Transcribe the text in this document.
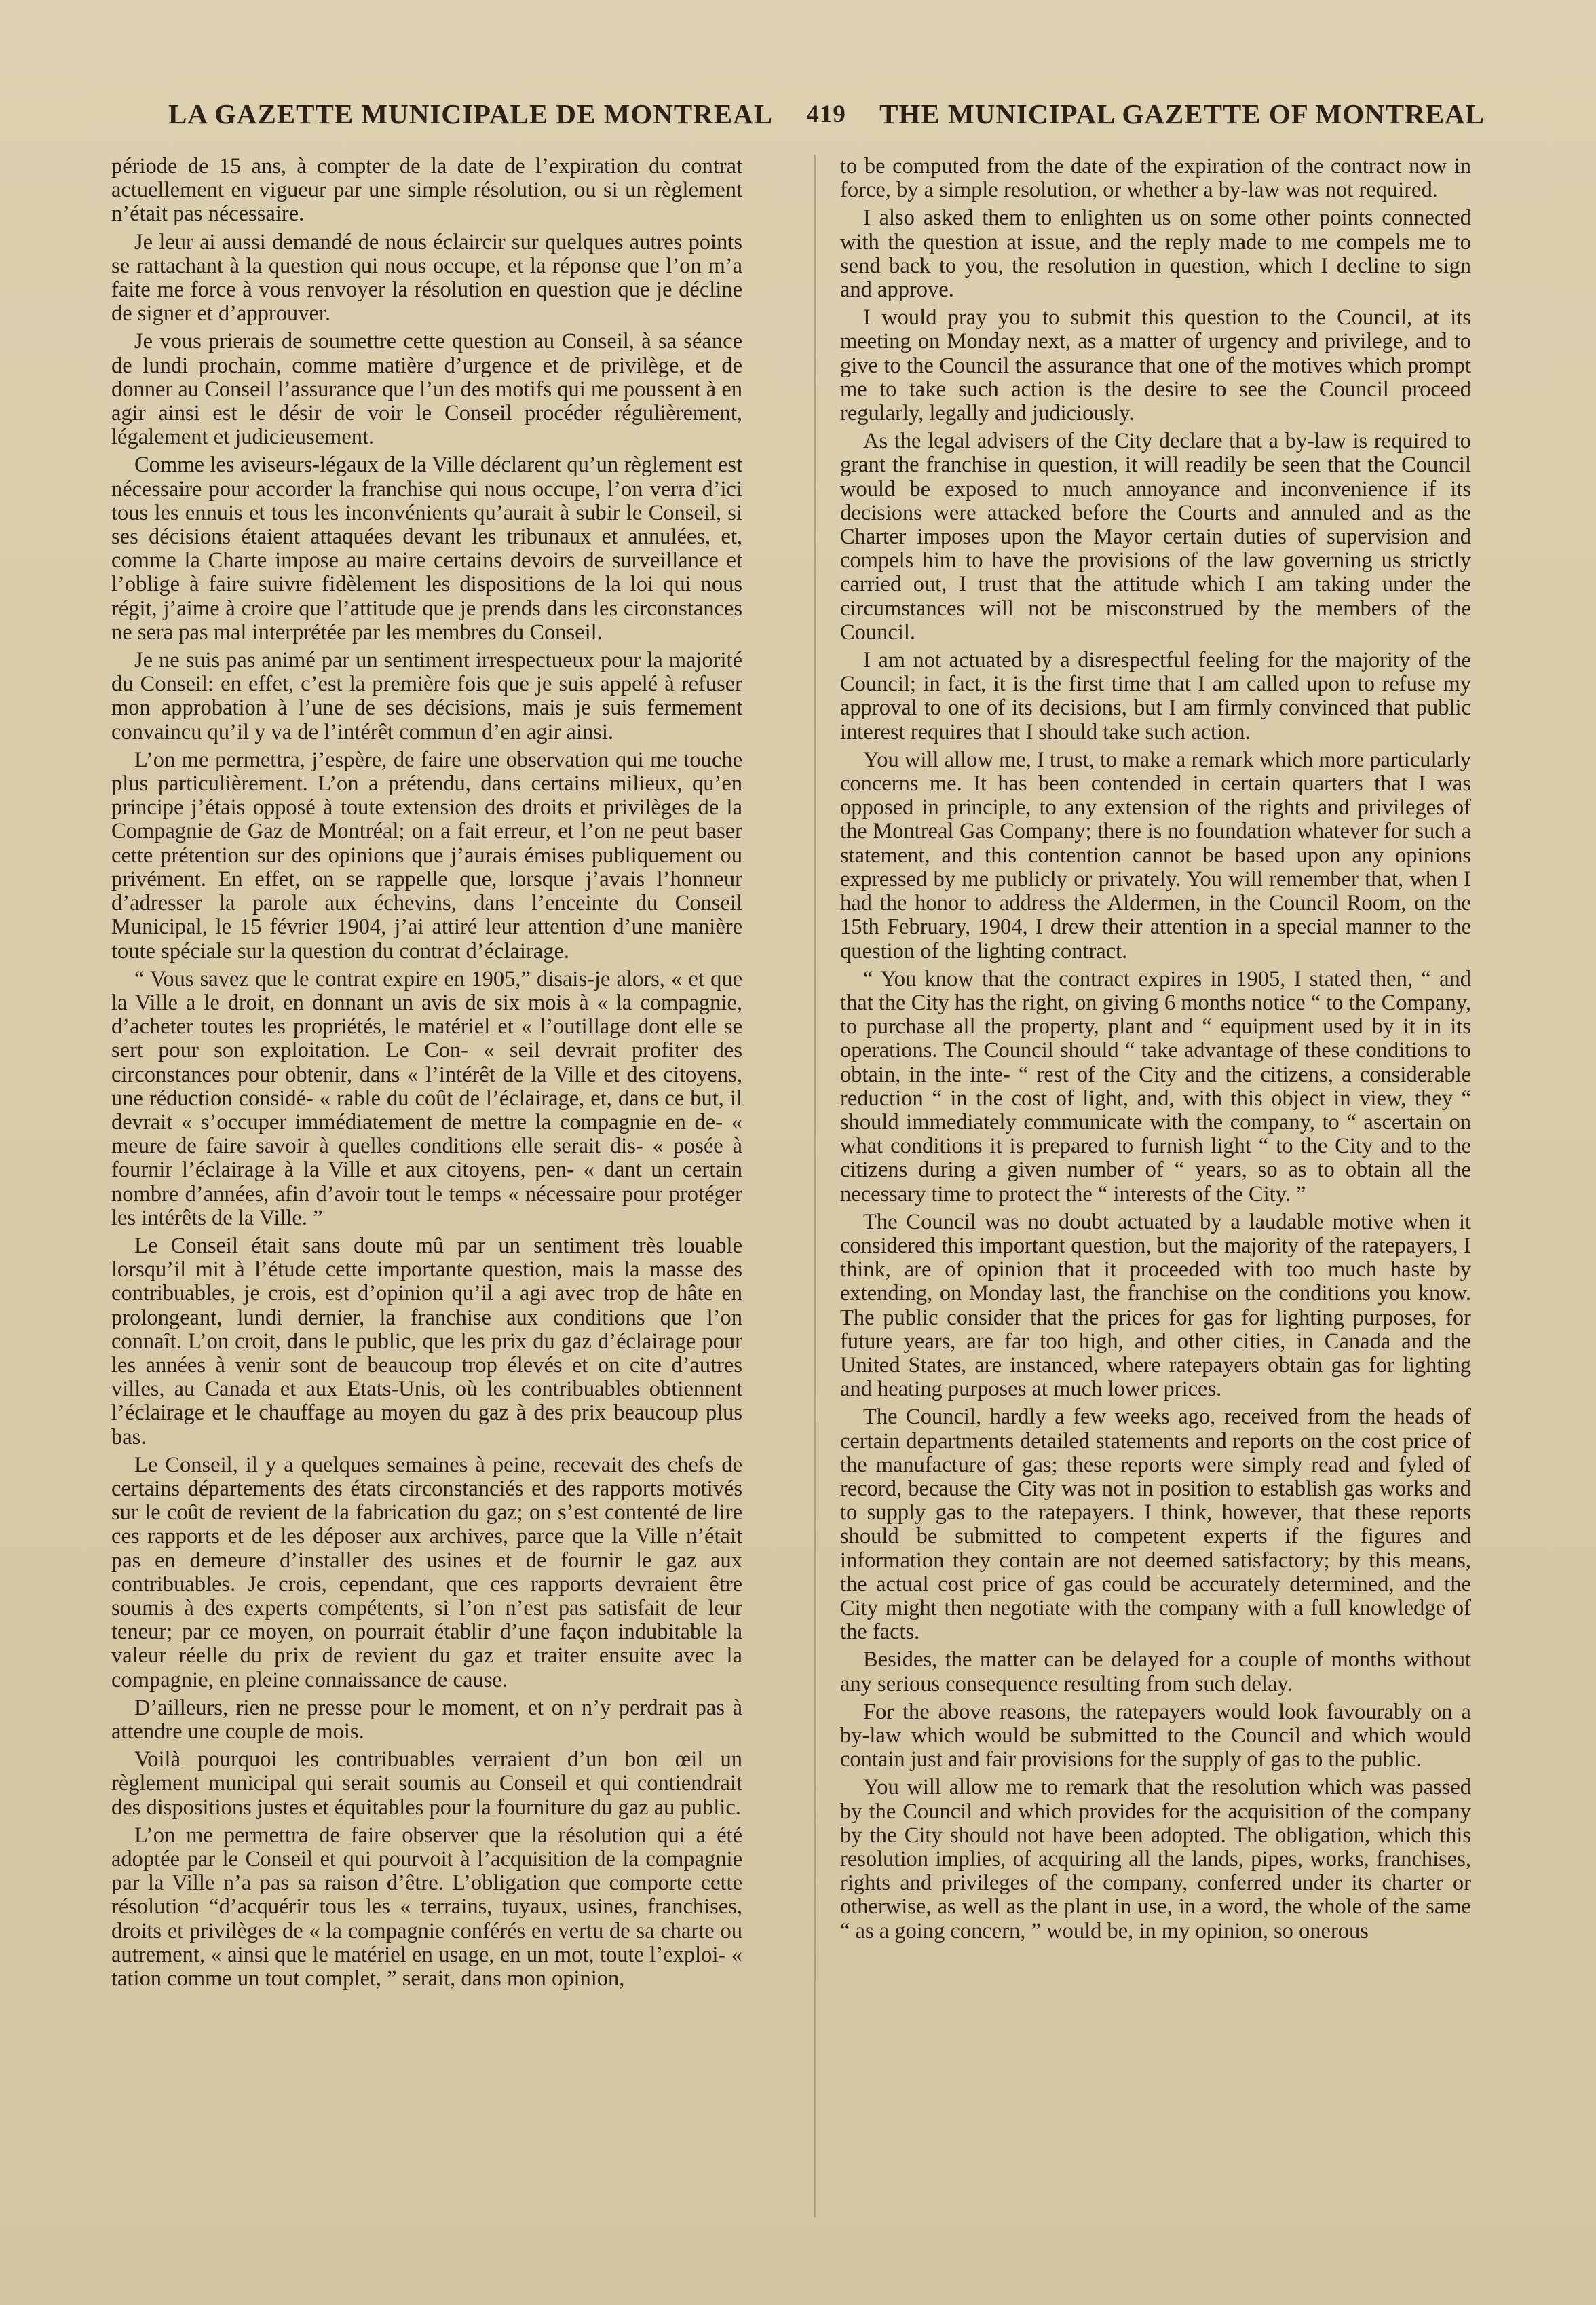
LA GAZETTE MUNICIPALE DE MONTREAL 419 THE MUNICIPAL GAZETTE OF MONTREAL

période de 15 ans, à compter de la date de l’expiration du contrat actuellement en vigueur par une simple résolution, ou si un règlement n’était pas nécessaire.

Je leur ai aussi demandé de nous éclaircir sur quelques autres points se rattachant à la question qui nous occupe, et la réponse que l’on m’a faite me force à vous renvoyer la résolution en question que je décline de signer et d’approuver.

Je vous prierais de soumettre cette question au Conseil, à sa séance de lundi prochain, comme matière d’urgence et de privilège, et de donner au Conseil l’assurance que l’un des motifs qui me poussent à en agir ainsi est le désir de voir le Conseil procéder régulièrement, légalement et judicieusement.

Comme les aviseurs-légaux de la Ville déclarent qu’un règlement est nécessaire pour accorder la franchise qui nous occupe, l’on verra d’ici tous les ennuis et tous les inconvénients qu’aurait à subir le Conseil, si ses décisions étaient attaquées devant les tribunaux et annulées, et, comme la Charte impose au maire certains devoirs de surveillance et l’oblige à faire suivre fidèlement les dispositions de la loi qui nous régit, j’aime à croire que l’attitude que je prends dans les circonstances ne sera pas mal interprétée par les membres du Conseil.

Je ne suis pas animé par un sentiment irrespectueux pour la majorité du Conseil: en effet, c’est la première fois que je suis appelé à refuser mon approbation à l’une de ses décisions, mais je suis fermement convaincu qu’il y va de l’intérêt commun d’en agir ainsi.

L’on me permettra, j’espère, de faire une observation qui me touche plus particulièrement. L’on a prétendu, dans certains milieux, qu’en principe j’étais opposé à toute extension des droits et privilèges de la Compagnie de Gaz de Montréal; on a fait erreur, et l’on ne peut baser cette prétention sur des opinions que j’aurais émises publiquement ou privément. En effet, on se rappelle que, lorsque j’avais l’honneur d’adresser la parole aux échevins, dans l’enceinte du Conseil Municipal, le 15 février 1904, j’ai attiré leur attention d’une manière toute spéciale sur la question du contrat d’éclairage.

“ Vous savez que le contrat expire en 1905,” disais-je alors, « et que la Ville a le droit, en donnant un avis de six mois à « la compagnie, d’acheter toutes les propriétés, le matériel et « l’outillage dont elle se sert pour son exploitation. Le Con- « seil devrait profiter des circonstances pour obtenir, dans « l’intérêt de la Ville et des citoyens, une réduction considé- « rable du coût de l’éclairage, et, dans ce but, il devrait « s’occuper immédiatement de mettre la compagnie en de- « meure de faire savoir à quelles conditions elle serait dis- « posée à fournir l’éclairage à la Ville et aux citoyens, pen- « dant un certain nombre d’années, afin d’avoir tout le temps « nécessaire pour protéger les intérêts de la Ville. ”

Le Conseil était sans doute mû par un sentiment très louable lorsqu’il mit à l’étude cette importante question, mais la masse des contribuables, je crois, est d’opinion qu’il a agi avec trop de hâte en prolongeant, lundi dernier, la franchise aux conditions que l’on connaît. L’on croit, dans le public, que les prix du gaz d’éclairage pour les années à venir sont de beaucoup trop élevés et on cite d’autres villes, au Canada et aux Etats-Unis, où les contribuables obtiennent l’éclairage et le chauffage au moyen du gaz à des prix beaucoup plus bas.

Le Conseil, il y a quelques semaines à peine, recevait des chefs de certains départements des états circonstanciés et des rapports motivés sur le coût de revient de la fabrication du gaz; on s’est contenté de lire ces rapports et de les déposer aux archives, parce que la Ville n’était pas en demeure d’installer des usines et de fournir le gaz aux contribuables. Je crois, cependant, que ces rapports devraient être soumis à des experts compétents, si l’on n’est pas satisfait de leur teneur; par ce moyen, on pourrait établir d’une façon indubitable la valeur réelle du prix de revient du gaz et traiter ensuite avec la compagnie, en pleine connaissance de cause.

D’ailleurs, rien ne presse pour le moment, et on n’y perdrait pas à attendre une couple de mois.

Voilà pourquoi les contribuables verraient d’un bon œil un règlement municipal qui serait soumis au Conseil et qui contiendrait des dispositions justes et équitables pour la fourniture du gaz au public.

L’on me permettra de faire observer que la résolution qui a été adoptée par le Conseil et qui pourvoit à l’acquisition de la compagnie par la Ville n’a pas sa raison d’être. L’obligation que comporte cette résolution “d’acquérir tous les « terrains, tuyaux, usines, franchises, droits et privilèges de « la compagnie conférés en vertu de sa charte ou autrement, « ainsi que le matériel en usage, en un mot, toute l’exploi- « tation comme un tout complet, ” serait, dans mon opinion,

to be computed from the date of the expiration of the contract now in force, by a simple resolution, or whether a by-law was not required.

I also asked them to enlighten us on some other points connected with the question at issue, and the reply made to me compels me to send back to you, the resolution in question, which I decline to sign and approve.

I would pray you to submit this question to the Council, at its meeting on Monday next, as a matter of urgency and privilege, and to give to the Council the assurance that one of the motives which prompt me to take such action is the desire to see the Council proceed regularly, legally and judiciously.

As the legal advisers of the City declare that a by-law is required to grant the franchise in question, it will readily be seen that the Council would be exposed to much annoyance and inconvenience if its decisions were attacked before the Courts and annuled and as the Charter imposes upon the Mayor certain duties of supervision and compels him to have the provisions of the law governing us strictly carried out, I trust that the attitude which I am taking under the circumstances will not be misconstrued by the members of the Council.

I am not actuated by a disrespectful feeling for the majority of the Council; in fact, it is the first time that I am called upon to refuse my approval to one of its decisions, but I am firmly convinced that public interest requires that I should take such action.

You will allow me, I trust, to make a remark which more particularly concerns me. It has been contended in certain quarters that I was opposed in principle, to any extension of the rights and privileges of the Montreal Gas Company; there is no foundation whatever for such a statement, and this contention cannot be based upon any opinions expressed by me publicly or privately. You will remember that, when I had the honor to address the Aldermen, in the Council Room, on the 15th February, 1904, I drew their attention in a special manner to the question of the lighting contract.

“ You know that the contract expires in 1905, I stated then, “ and that the City has the right, on giving 6 months notice “ to the Company, to purchase all the property, plant and “ equipment used by it in its operations. The Council should “ take advantage of these conditions to obtain, in the inte- “ rest of the City and the citizens, a considerable reduction “ in the cost of light, and, with this object in view, they “ should immediately communicate with the company, to “ ascertain on what conditions it is prepared to furnish light “ to the City and to the citizens during a given number of “ years, so as to obtain all the necessary time to protect the “ interests of the City. ”

The Council was no doubt actuated by a laudable motive when it considered this important question, but the majority of the ratepayers, I think, are of opinion that it proceeded with too much haste by extending, on Monday last, the franchise on the conditions you know. The public consider that the prices for gas for lighting purposes, for future years, are far too high, and other cities, in Canada and the United States, are instanced, where ratepayers obtain gas for lighting and heating purposes at much lower prices.

The Council, hardly a few weeks ago, received from the heads of certain departments detailed statements and reports on the cost price of the manufacture of gas; these reports were simply read and fyled of record, because the City was not in position to establish gas works and to supply gas to the ratepayers. I think, however, that these reports should be submitted to competent experts if the figures and information they contain are not deemed satisfactory; by this means, the actual cost price of gas could be accurately determined, and the City might then negotiate with the company with a full knowledge of the facts.

Besides, the matter can be delayed for a couple of months without any serious consequence resulting from such delay.

For the above reasons, the ratepayers would look favourably on a by-law which would be submitted to the Council and which would contain just and fair provisions for the supply of gas to the public.

You will allow me to remark that the resolution which was passed by the Council and which provides for the acquisition of the company by the City should not have been adopted. The obligation, which this resolution implies, of acquiring all the lands, pipes, works, franchises, rights and privileges of the company, conferred under its charter or otherwise, as well as the plant in use, in a word, the whole of the same “ as a going concern, ” would be, in my opinion, so onerous
